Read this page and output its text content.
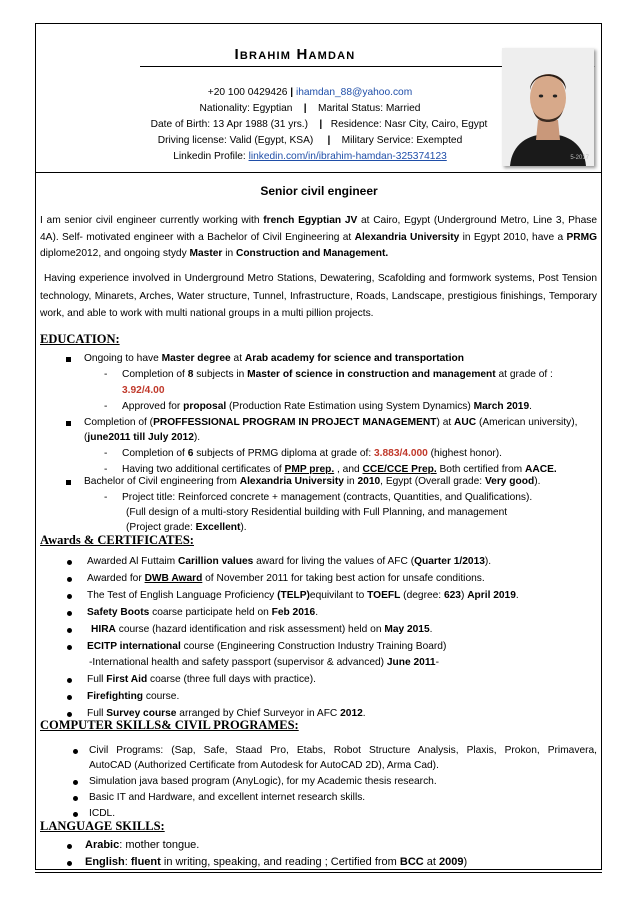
Ibrahim Hamdan
+20 100 0429426 | ihamdan_88@yahoo.com
Nationality: Egyptian    |    Marital Status: Married
Date of Birth: 13 Apr 1988 (31 yrs.)    |   Residence: Nasr City, Cairo, Egypt
Driving license: Valid (Egypt, KSA)     |    Military Service: Exempted
Linkedin Profile: linkedin.com/in/ibrahim-hamdan-325374123	5-2017
Senior civil engineer
I am senior civil engineer currently working with french Egyptian JV at Cairo, Egypt (Underground Metro, Line 3, Phase 4A). Self- motivated engineer with a Bachelor of Civil Engineering at Alexandria University in Egypt 2010, have a PRMG diplome2012, and ongoing stydy Master in Construction and Management.
Having experience involved in Underground Metro Stations, Dewatering, Scafolding and formwork systems, Post Tension technology, Minarets, Arches, Water structure, Tunnel, Infrastructure, Roads, Landscape, prestigious finishings, Temporary work, and able to work with multi national groups in a multi pillion projects.
EDUCATION:
Ongoing to have Master degree at Arab academy for science and transportation
- Completion of 8 subjects in Master of science in construction and management at grade of :
3.92/4.00
- Approved for proposal (Production Rate Estimation using System Dynamics) March 2019.
Completion of (PROFFESSIONAL PROGRAM IN PROJECT MANAGEMENT) at AUC (American university),
(june2011 till July 2012).
- Completion of 6 subjects of PRMG diploma at grade of: 3.883/4.000 (highest honor).
- Having two additional certificates of PMP prep. , and CCE/CCE Prep. Both certified from AACE.
Bachelor of Civil engineering from Alexandria University in 2010, Egypt (Overall grade: Very good).
- Project title: Reinforced concrete + management (contracts, Quantities, and Qualifications).
(Full design of a multi-story Residential building with Full Planning, and management
(Project grade: Excellent).
Awards & CERTIFICATES:
Awarded Al Futtaim Carillion values award for living the values of AFC (Quarter 1/2013).
Awarded for DWB Award of November 2011 for taking best action for unsafe conditions.
The Test of English Language Proficiency (TELP)equivilant to TOEFL (degree: 623) April 2019.
Safety Boots coarse participate held on Feb 2016.
HIRA course (hazard identification and risk assessment) held on May 2015.
ECITP international course (Engineering Construction Industry Training Board)
-International health and safety passport (supervisor & advanced) June 2011-
Full First Aid coarse (three full days with practice).
Firefighting course.
Full Survey course arranged by Chief Surveyor in AFC 2012.
COMPUTER SKILLS& CIVIL PROGRAMES:
Civil Programs: (Sap, Safe, Staad Pro, Etabs, Robot Structure Analysis, Plaxis, Prokon, Primavera,
AutoCAD (Authorized Certificate from Autodesk for AutoCAD 2D), Arma Cad).
Simulation java based program (AnyLogic), for my Academic thesis research.
Basic IT and Hardware, and excellent internet research skills.
ICDL.
LANGUAGE SKILLS:
Arabic: mother tongue.
English: fluent in writing, speaking, and reading ; Certified from BCC at 2009)
